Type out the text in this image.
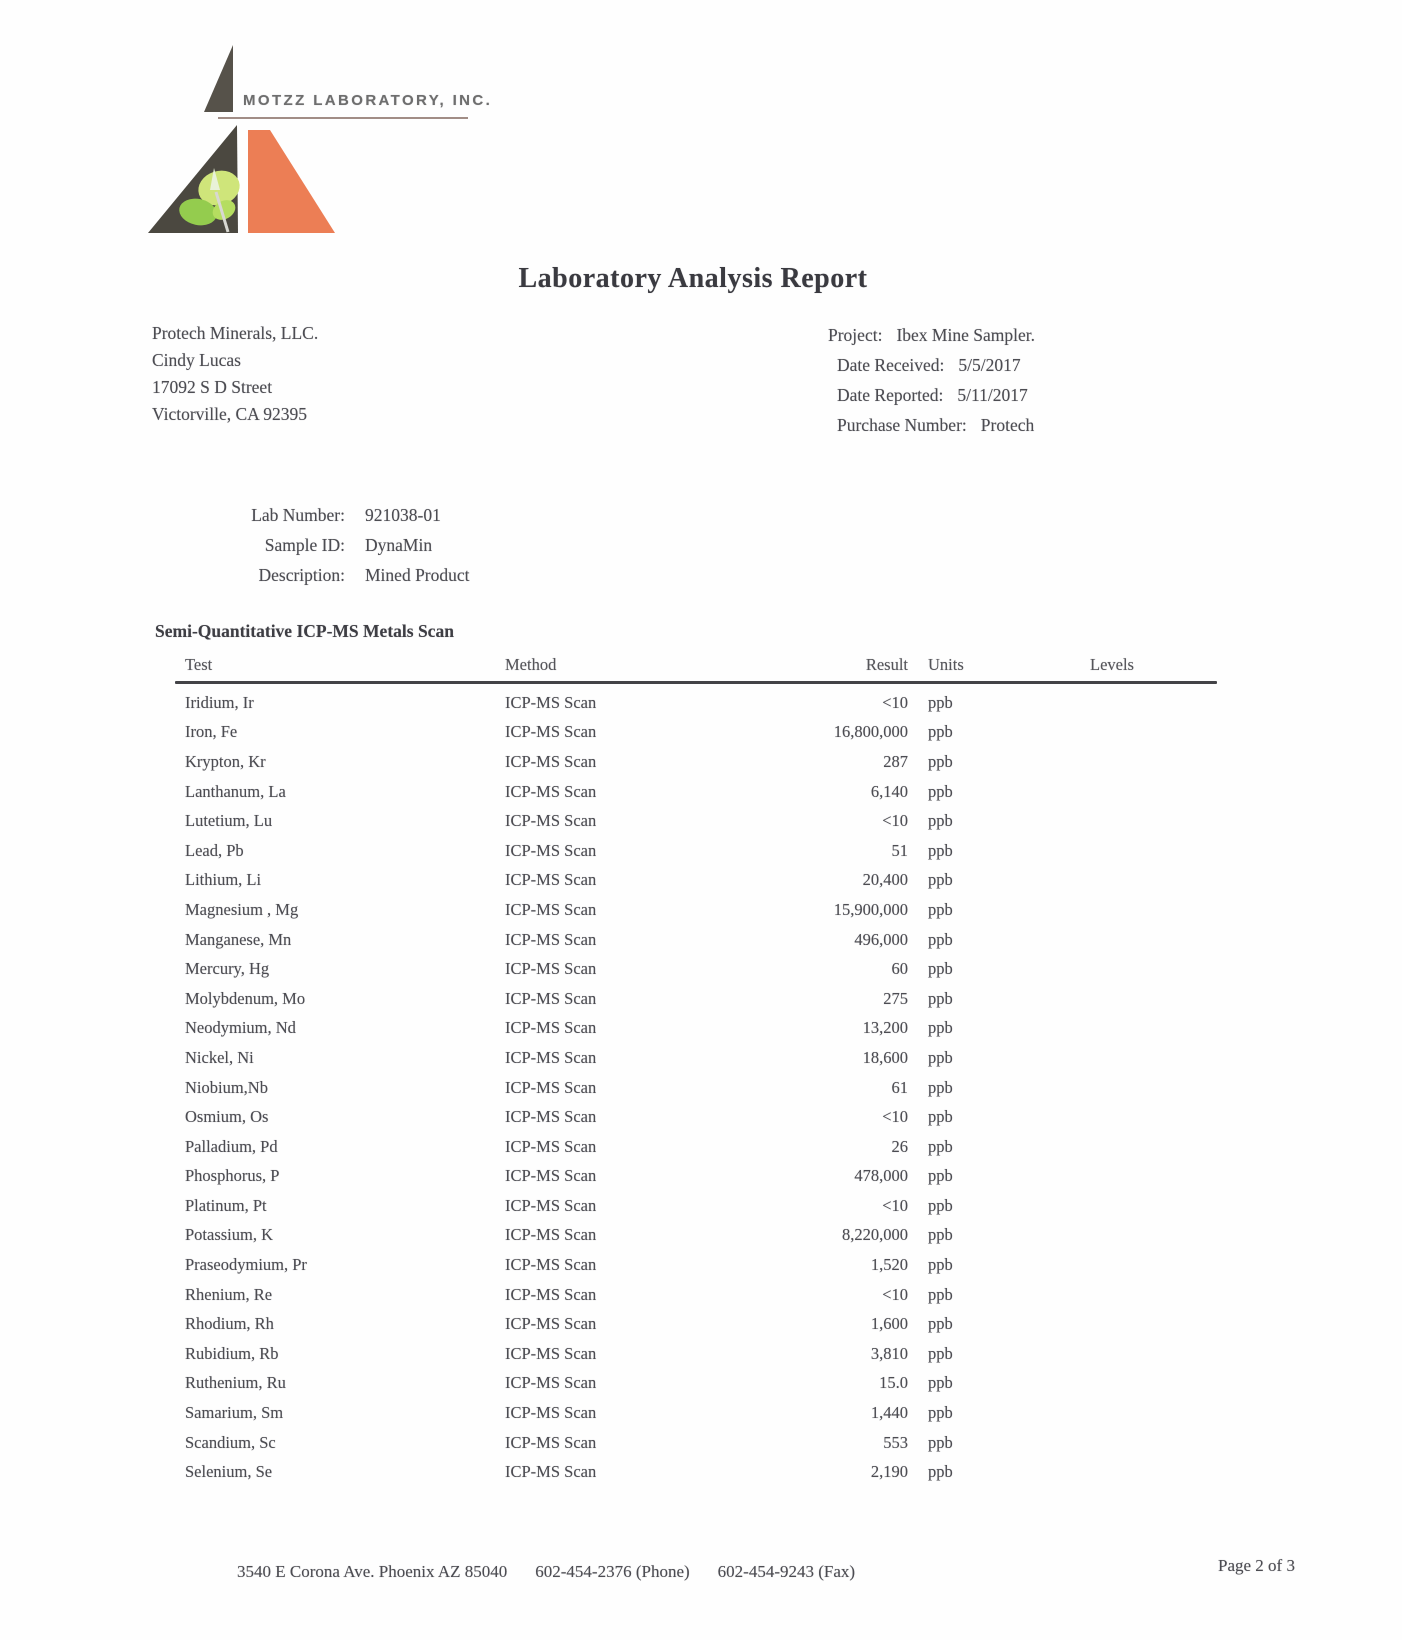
MOTZZ LABORATORY, INC.
Laboratory Analysis Report
Protech Minerals, LLC.
Cindy Lucas
17092 S D Street
Victorville, CA 92395
Project: Ibex Mine Sampler.
Date Received: 5/5/2017
Date Reported: 5/11/2017
Purchase Number: Protech
Lab Number: 921038-01
Sample ID: DynaMin
Description: Mined Product
Semi-Quantitative ICP-MS Metals Scan
Test	Method	Result	Units	Levels
Iridium, Ir	ICP-MS Scan	<10	ppb
Iron, Fe	ICP-MS Scan	16,800,000	ppb
Krypton, Kr	ICP-MS Scan	287	ppb
Lanthanum, La	ICP-MS Scan	6,140	ppb
Lutetium, Lu	ICP-MS Scan	<10	ppb
Lead, Pb	ICP-MS Scan	51	ppb
Lithium, Li	ICP-MS Scan	20,400	ppb
Magnesium , Mg	ICP-MS Scan	15,900,000	ppb
Manganese, Mn	ICP-MS Scan	496,000	ppb
Mercury, Hg	ICP-MS Scan	60	ppb
Molybdenum, Mo	ICP-MS Scan	275	ppb
Neodymium, Nd	ICP-MS Scan	13,200	ppb
Nickel, Ni	ICP-MS Scan	18,600	ppb
Niobium,Nb	ICP-MS Scan	61	ppb
Osmium, Os	ICP-MS Scan	<10	ppb
Palladium, Pd	ICP-MS Scan	26	ppb
Phosphorus, P	ICP-MS Scan	478,000	ppb
Platinum, Pt	ICP-MS Scan	<10	ppb
Potassium, K	ICP-MS Scan	8,220,000	ppb
Praseodymium, Pr	ICP-MS Scan	1,520	ppb
Rhenium, Re	ICP-MS Scan	<10	ppb
Rhodium, Rh	ICP-MS Scan	1,600	ppb
Rubidium, Rb	ICP-MS Scan	3,810	ppb
Ruthenium, Ru	ICP-MS Scan	15.0	ppb
Samarium, Sm	ICP-MS Scan	1,440	ppb
Scandium, Sc	ICP-MS Scan	553	ppb
Selenium, Se	ICP-MS Scan	2,190	ppb
3540 E Corona Ave. Phoenix AZ 85040 602-454-2376 (Phone) 602-454-9243 (Fax)	Page 2 of 3
